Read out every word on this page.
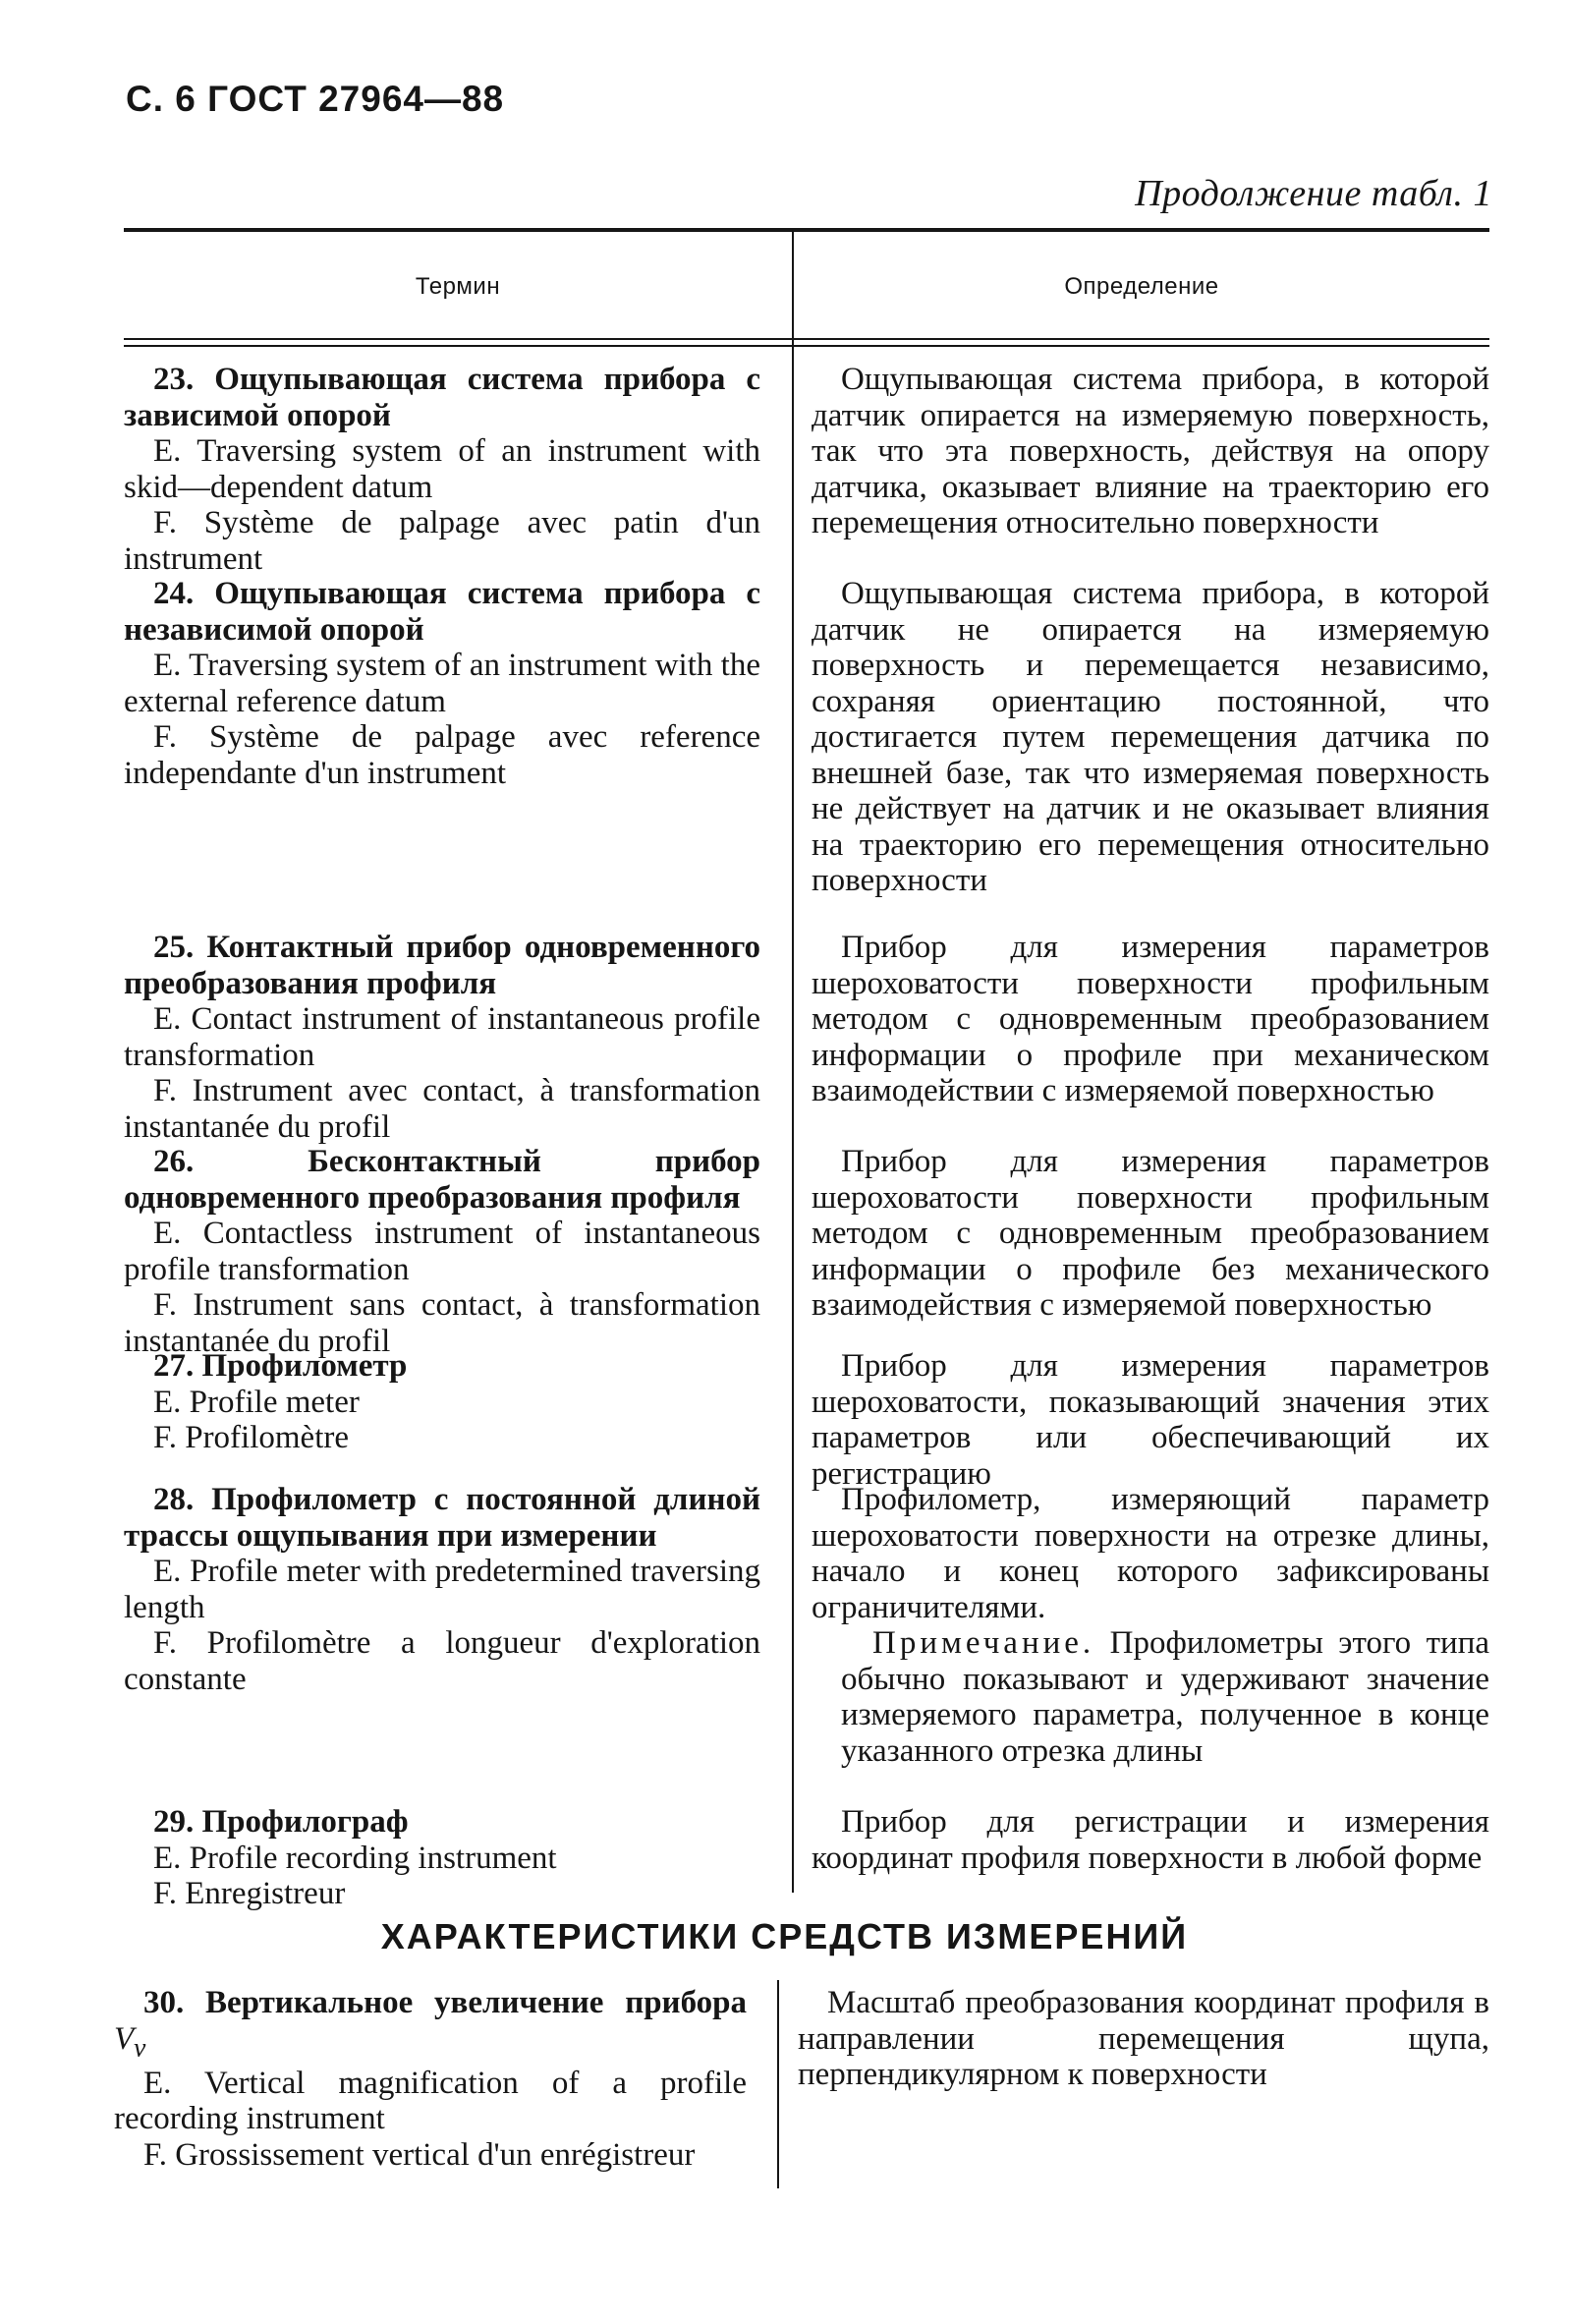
С. 6 ГОСТ 27964—88
Продолжение табл. 1
Термин	Определение

23. Ощупывающая система прибора с зависимой опорой

E. Traversing system of an instrument with skid—dependent datum

F. Système de palpage avec patin d'un instrument

Ощупывающая система прибора, в которой датчик опирается на измеряемую поверхность, так что эта поверхность, действуя на опору датчика, оказывает влияние на траекторию его перемещения относительно поверхности

24. Ощупывающая система прибора с независимой опорой

E. Traversing system of an instrument with the external reference datum

F. Système de palpage avec reference independante d'un instrument

Ощупывающая система прибора, в которой датчик не опирается на измеряемую поверхность и перемещается независимо, сохраняя ориентацию постоянной, что достигается путем перемещения датчика по внешней базе, так что измеряемая поверхность не действует на датчик и не оказывает влияния на траекторию его перемещения относительно поверхности

25. Контактный прибор одновременного преобразования профиля

E. Contact instrument of instantaneous profile transformation

F. Instrument avec contact, à transformation instantanée du profil

Прибор для измерения параметров шероховатости поверхности профильным методом с одновременным преобразованием информации о профиле при механическом взаимодействии с измеряемой поверхностью

26.	Бесконтактный прибор одновременного преобразования профиля

E. Contactless instrument of instantaneous profile transformation

F. Instrument sans contact, à transformation instantanée du profil

Прибор для измерения параметров шероховатости поверхности профильным методом с одновременным преобразованием информации о профиле без механического взаимодействия с измеряемой поверхностью

27. Профилометр

E. Profile meter

F. Profilomètre

Прибор для измерения параметров шероховатости, показывающий значения этих параметров или обеспечивающий их регистрацию

28. Профилометр с постоянной длиной трассы ощупывания при измерении

E. Profile meter with predetermined traversing length

F. Profilomètre a longueur d'exploration constante

Профилометр, измеряющий параметр шероховатости поверхности на отрезке длины, начало и конец которого зафиксированы ограничителями.

Примечание. Профилометры этого типа обычно показывают и удерживают значение измеряемого параметра, полученное в конце указанного отрезка длины

29. Профилограф

E. Profile recording instrument

F. Enregistreur

Прибор для регистрации и измерения координат профиля поверхности в любой форме

ХАРАКТЕРИСТИКИ СРЕДСТВ ИЗМЕРЕНИЙ

30. Вертикальное увеличение прибора $V_v$

E. Vertical magnification of a profile recording instrument

F. Grossissement vertical d'un enrégistreur

Масштаб преобразования координат профиля в направлении перемещения щупа, перпендикулярном к поверхности
